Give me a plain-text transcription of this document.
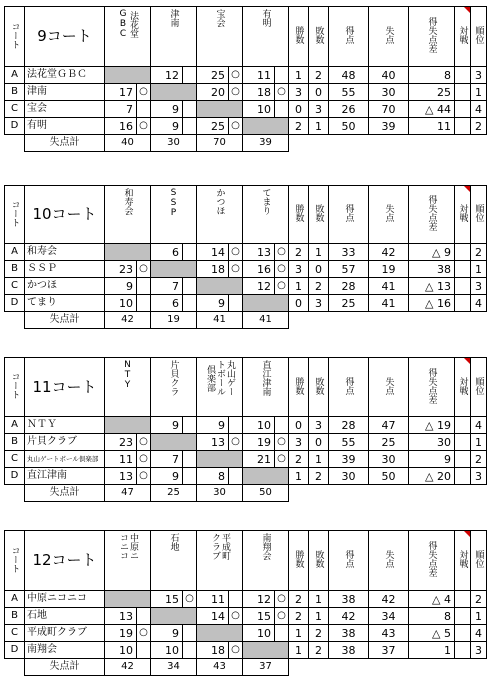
コート	9コート	法花堂
GBC		津南		宝会		有明		勝数	敗数	得点	失点	得失点差	対戦	順位
A	法花堂ＧＢＣ			12		25	○	11		1	2	48	40	8		3
B	津南	17	○			20	○	18	○	3	0	55	30	25		1
C	宝会	7		9				10		0	3	26	70	△ 44		4
D	有明	16	○	9		25	○			2	1	50	39	11		2
	失点計	40		30		70		39								
コート	10コート	和寿会		SSP		かつほ		てまり		勝数	敗数	得点	失点	得失点差	対戦	順位
A	和寿会			6		14	○	13	○	2	1	33	42	△ 9		2
B	ＳＳＰ	23	○			18	○	16	○	3	0	57	19	38		1
C	かつほ	9		7				12	○	1	2	28	41	△ 13		3
D	てまり	10		6		9				0	3	25	41	△ 16		4
	失点計	42		19		41		41								
コート	11コート	NTY		片貝クラ		丸山ゲー
トボール
倶楽部		直江津南		勝数	敗数	得点	失点	得失点差	対戦	順位
A	ＮＴＹ			9		9		10		0	3	28	47	△ 19		4
B	片貝クラブ	23	○			13	○	19	○	3	0	55	25	30		1
C	丸山ゲートボール倶楽部	11	○	7				21	○	2	1	39	30	9		2
D	直江津南	13	○	9		8				1	2	30	50	△ 20		3
	失点計	47		25		30		50								
コート	12コート	中原ニ
コニコ		石地		平成町
クラブ		南翔会		勝数	敗数	得点	失点	得失点差	対戦	順位
A	中原ニコニコ			15	○	11		12	○	2	1	38	42	△ 4		2
B	石地	13				14	○	15	○	2	1	42	34	8		1
C	平成町クラブ	19	○	9				10		1	2	38	43	△ 5		4
D	南翔会	10		10		18	○			1	2	38	37	1		3
	失点計	42		34		43		37								
